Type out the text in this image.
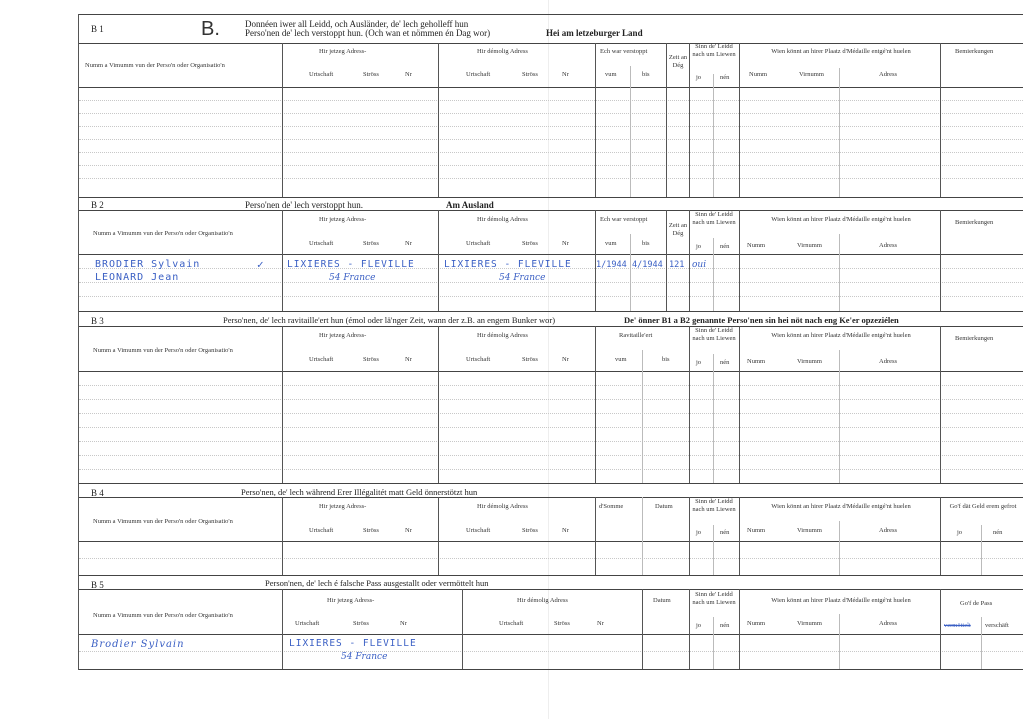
B 1	B.	Donnéen iwer all Leidd, och Ausländer, de' lech geholleff hun
Perso'nen de' lech verstoppt hun. (Och wan et nömmen én Dag wor)	Hei am letzeburger Land
Numm a Vimumm vun der Perso'n oder Organisatio'n
Hir jetzeg Adress-	Hir démolig Adress	Ech war verstoppt
Zeit an Dég
Sinn de' Leidd nach um Liewen	Wien könnt an hirer Plaatz d'Médaille entgé'nt huelen	Bemierkungen
Urtschaft	Ströss	Nr	Urtschaft	Ströss	Nr	vum	bis	jo	nén	Numm	Virnumm	Adress
B 2	Perso'nen de' lech verstoppt hun.	Am Ausland
Numm a Vimumm vun der Perso'n oder Organisatio'n
Hir jetzeg Adress-	Hir démolig Adress	Ech war verstoppt
Zeit an Dég
Sinn de' Leidd nach um Liewen	Wien könnt an hirer Plaatz d'Médaille entgé'nt huelen	Bemierkungen
Urtschaft	Ströss	Nr	Urtschaft	Ströss	Nr	vum	bis	jo	nén	Numm	Virnumm	Adress
BRODIER Sylvain
LEONARD Jean
✓ LIXIERES - FLEVILLE
54 France
LIXIERES - FLEVILLE
54 France
1/1944 4/1944 121 oui
B 3	Perso'nen, de' lech ravitaille'ert hun (émol oder lä'nger Zeit, wann der z.B. an engem Bunker wor)	De' önner B1 a B2 genannte Perso'nen sin hei nöt nach eng Ke'er opzeziélen
Numm a Vimumm vun der Perso'n oder Organisatio'n
Hir jetzeg Adress-	Hir démolig Adress	Ravitaille'ert
Sinn de' Leidd nach um Liewen	Wien könnt an hirer Plaatz d'Médaille entgé'nt huelen	Bemierkungen
Urtschaft	Ströss	Nr	Urtschaft	Ströss	Nr	vum	bis	jo	nén	Numm	Virnumm	Adress
B 4	Perso'nen, de' lech während Erer Illégalitét matt Geld önnerstötzt hun
Numm a Vimumm vun der Perso'n oder Organisatio'n
Hir jetzeg Adress-	Hir démolig Adress	d'Somme	Datum
Sinn de' Leidd nach um Liewen	Wien könnt an hirer Plaatz d'Médaille entgé'nt huelen	Go'f dät Geld erem gefrot
Urtschaft	Ströss	Nr	Urtschaft	Ströss	Nr	jo	nén	Numm	Virnumm	Adress	jo	nén
B 5	Person'nen, de' lech é falsche Pass ausgestallt oder vermöttelt hun
Numm a Vimumm vun der Perso'n oder Organisatio'n
Hir jetzeg Adress-	Hir démolig Adress	Datum
Sinn de' Leidd nach um Liewen	Wien könnt an hirer Plaatz d'Médaille entgé'nt huelen	Go'f de Pass
Urtschaft	Ströss	Nr	Urtschaft	Ströss	Nr	jo	nén	Numm	Virnumm	Adress	vermöttelt verschäft
Brodier Sylvain	LIXIERES - FLEVILLE
54 France
